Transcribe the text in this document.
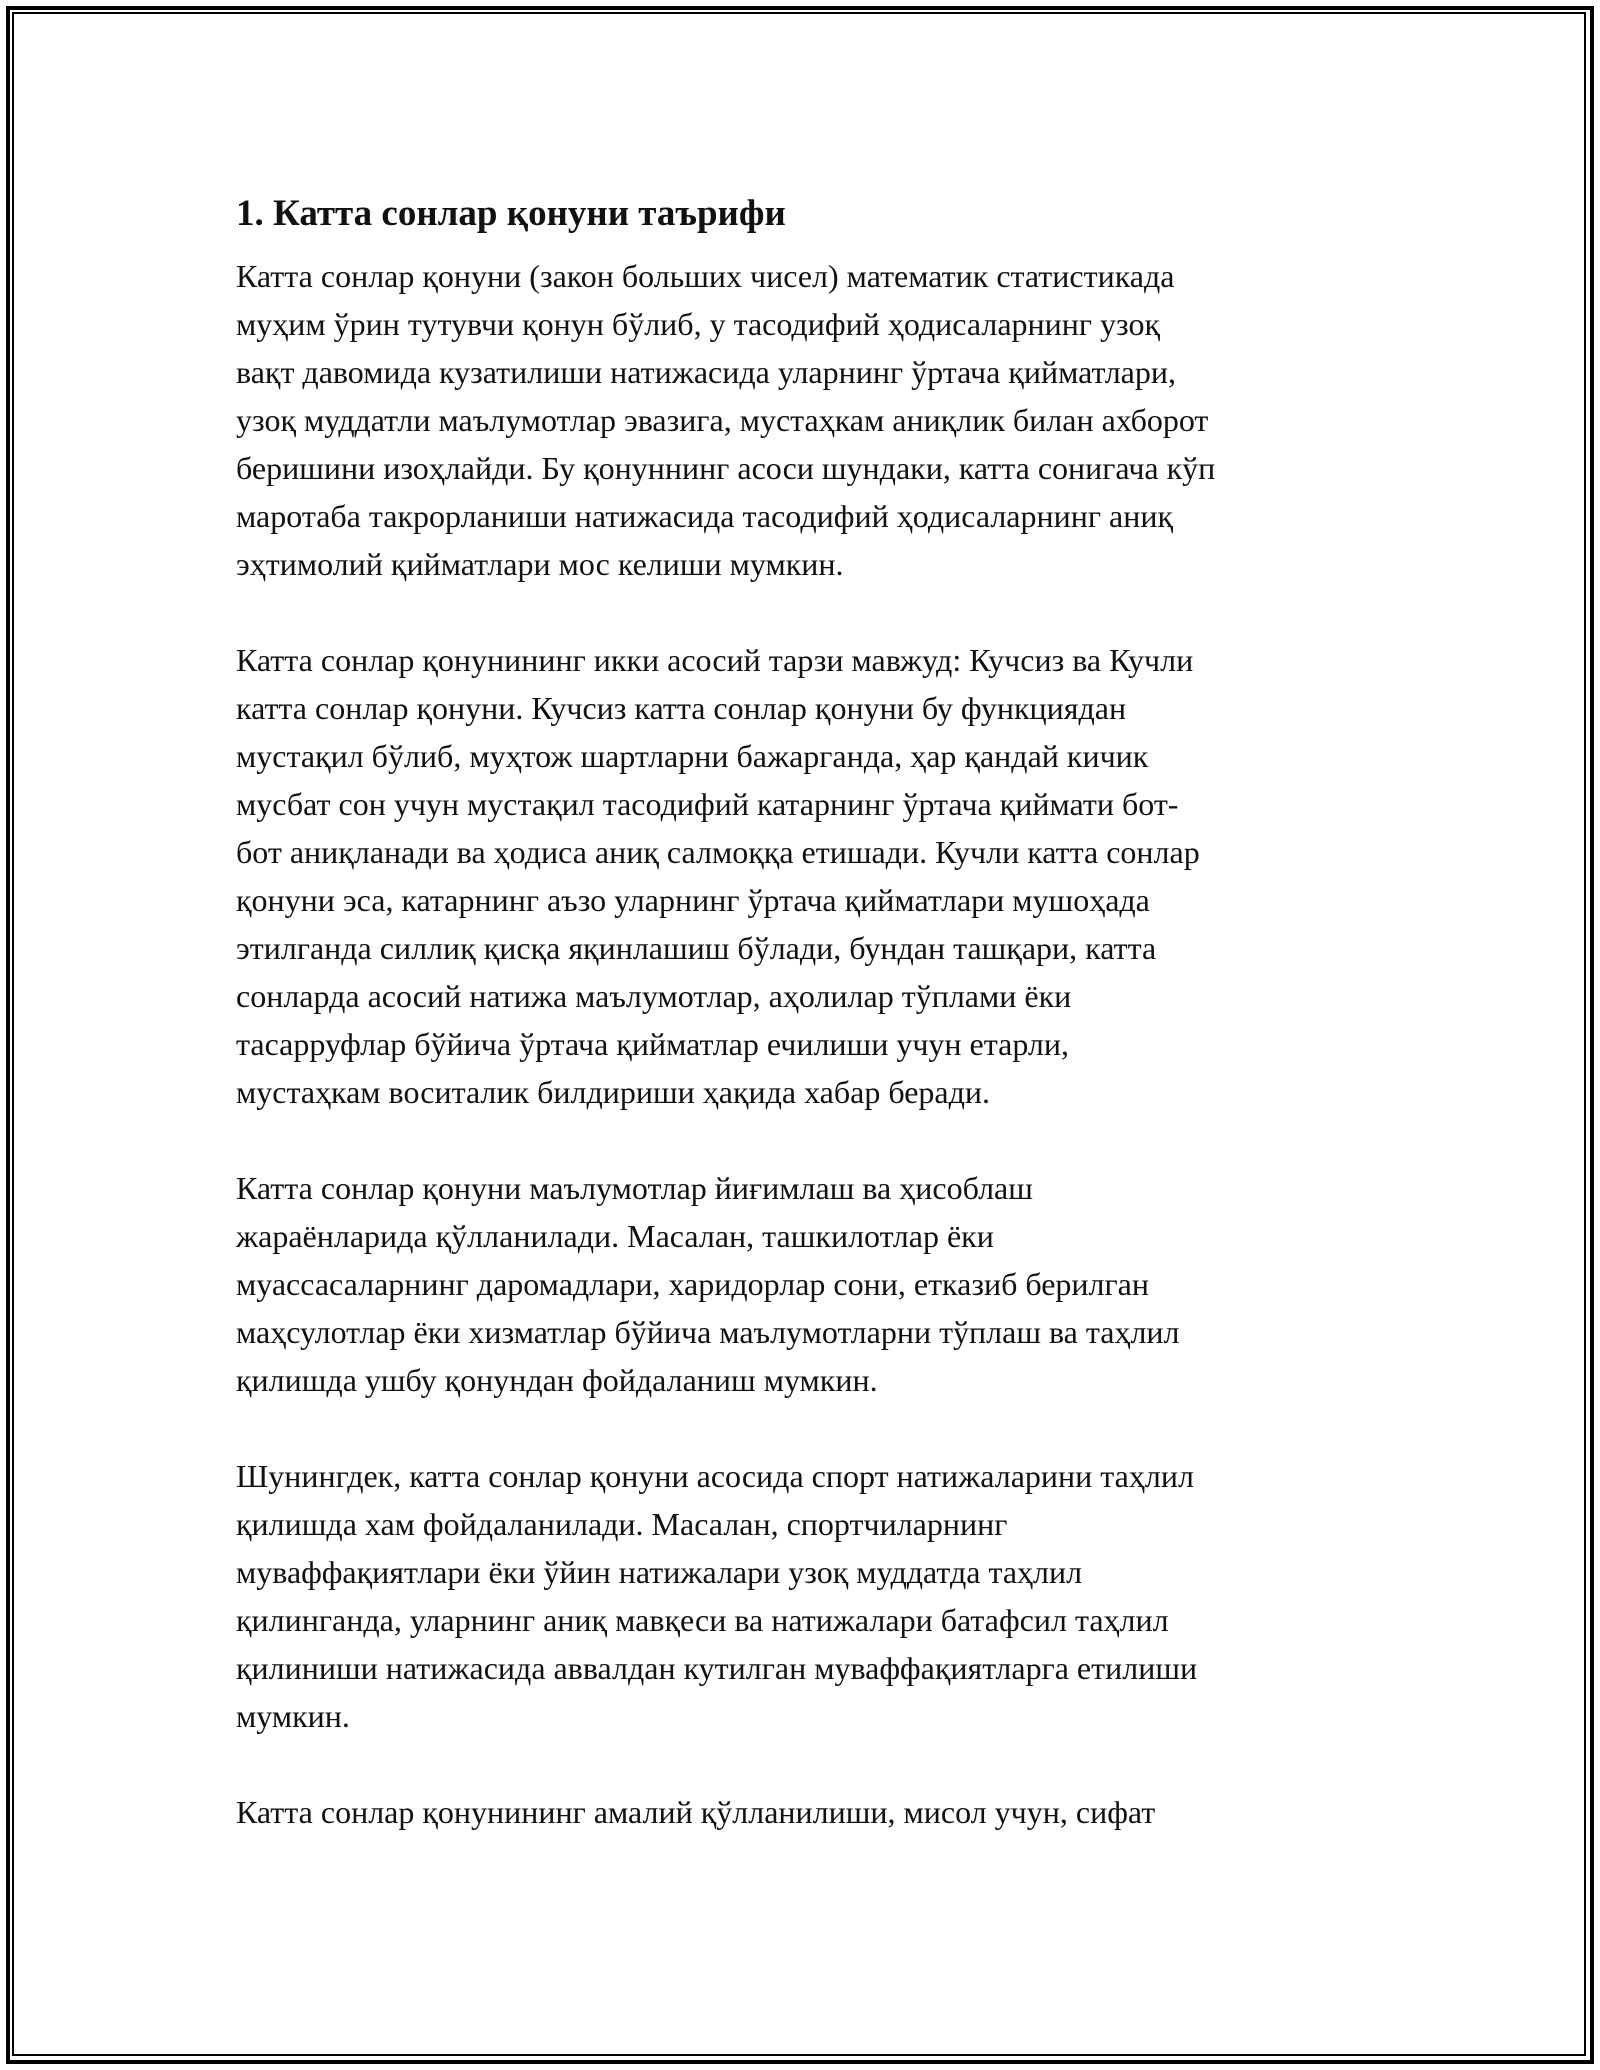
1. Катта сонлар қонуни таърифи

Катта сонлар қонуни (закон больших чисел) математик статистикада
муҳим ўрин тутувчи қонун бўлиб, у тасодифий ҳодисаларнинг узоқ
вақт давомида кузатилиши натижасида уларнинг ўртача қийматлари,
узоқ муддатли маълумотлар эвазига, мустаҳкам аниқлик билан ахборот
беришини изоҳлайди. Бу қонуннинг асоси шундаки, катта сонигача кўп
маротаба такрорланиши натижасида тасодифий ҳодисаларнинг аниқ
эҳтимолий қийматлари мос келиши мумкин.

Катта сонлар қонунининг икки асосий тарзи мавжуд: Кучсиз ва Кучли
катта сонлар қонуни. Кучсиз катта сонлар қонуни бу функциядан
мустақил бўлиб, муҳтож шартларни бажарганда, ҳар қандай кичик
мусбат сон учун мустақил тасодифий катарнинг ўртача қиймати бот-
бот аниқланади ва ҳодиса аниқ салмоққа етишади. Кучли катта сонлар
қонуни эса, катарнинг аъзо уларнинг ўртача қийматлари мушоҳада
этилганда силлиқ қисқа яқинлашиш бўлади, бундан ташқари, катта
сонларда асосий натижа маълумотлар, аҳолилар тўплами ёки
тасарруфлар бўйича ўртача қийматлар ечилиши учун етарли,
мустаҳкам воситалик билдириши ҳақида хабар беради.

Катта сонлар қонуни маълумотлар йиғимлаш ва ҳисоблаш
жараёнларида қўлланилади. Масалан, ташкилотлар ёки
муассасаларнинг даромадлари, харидорлар сони, етказиб берилган
маҳсулотлар ёки хизматлар бўйича маълумотларни тўплаш ва таҳлил
қилишда ушбу қонундан фойдаланиш мумкин.

Шунингдек, катта сонлар қонуни асосида спорт натижаларини таҳлил
қилишда хам фойдаланилади. Масалан, спортчиларнинг
муваффақиятлари ёки ўйин натижалари узоқ муддатда таҳлил
қилинганда, уларнинг аниқ мавқеси ва натижалари батафсил таҳлил
қилиниши натижасида аввалдан кутилган муваффақиятларга етилиши
мумкин.

Катта сонлар қонунининг амалий қўлланилиши, мисол учун, сифат
